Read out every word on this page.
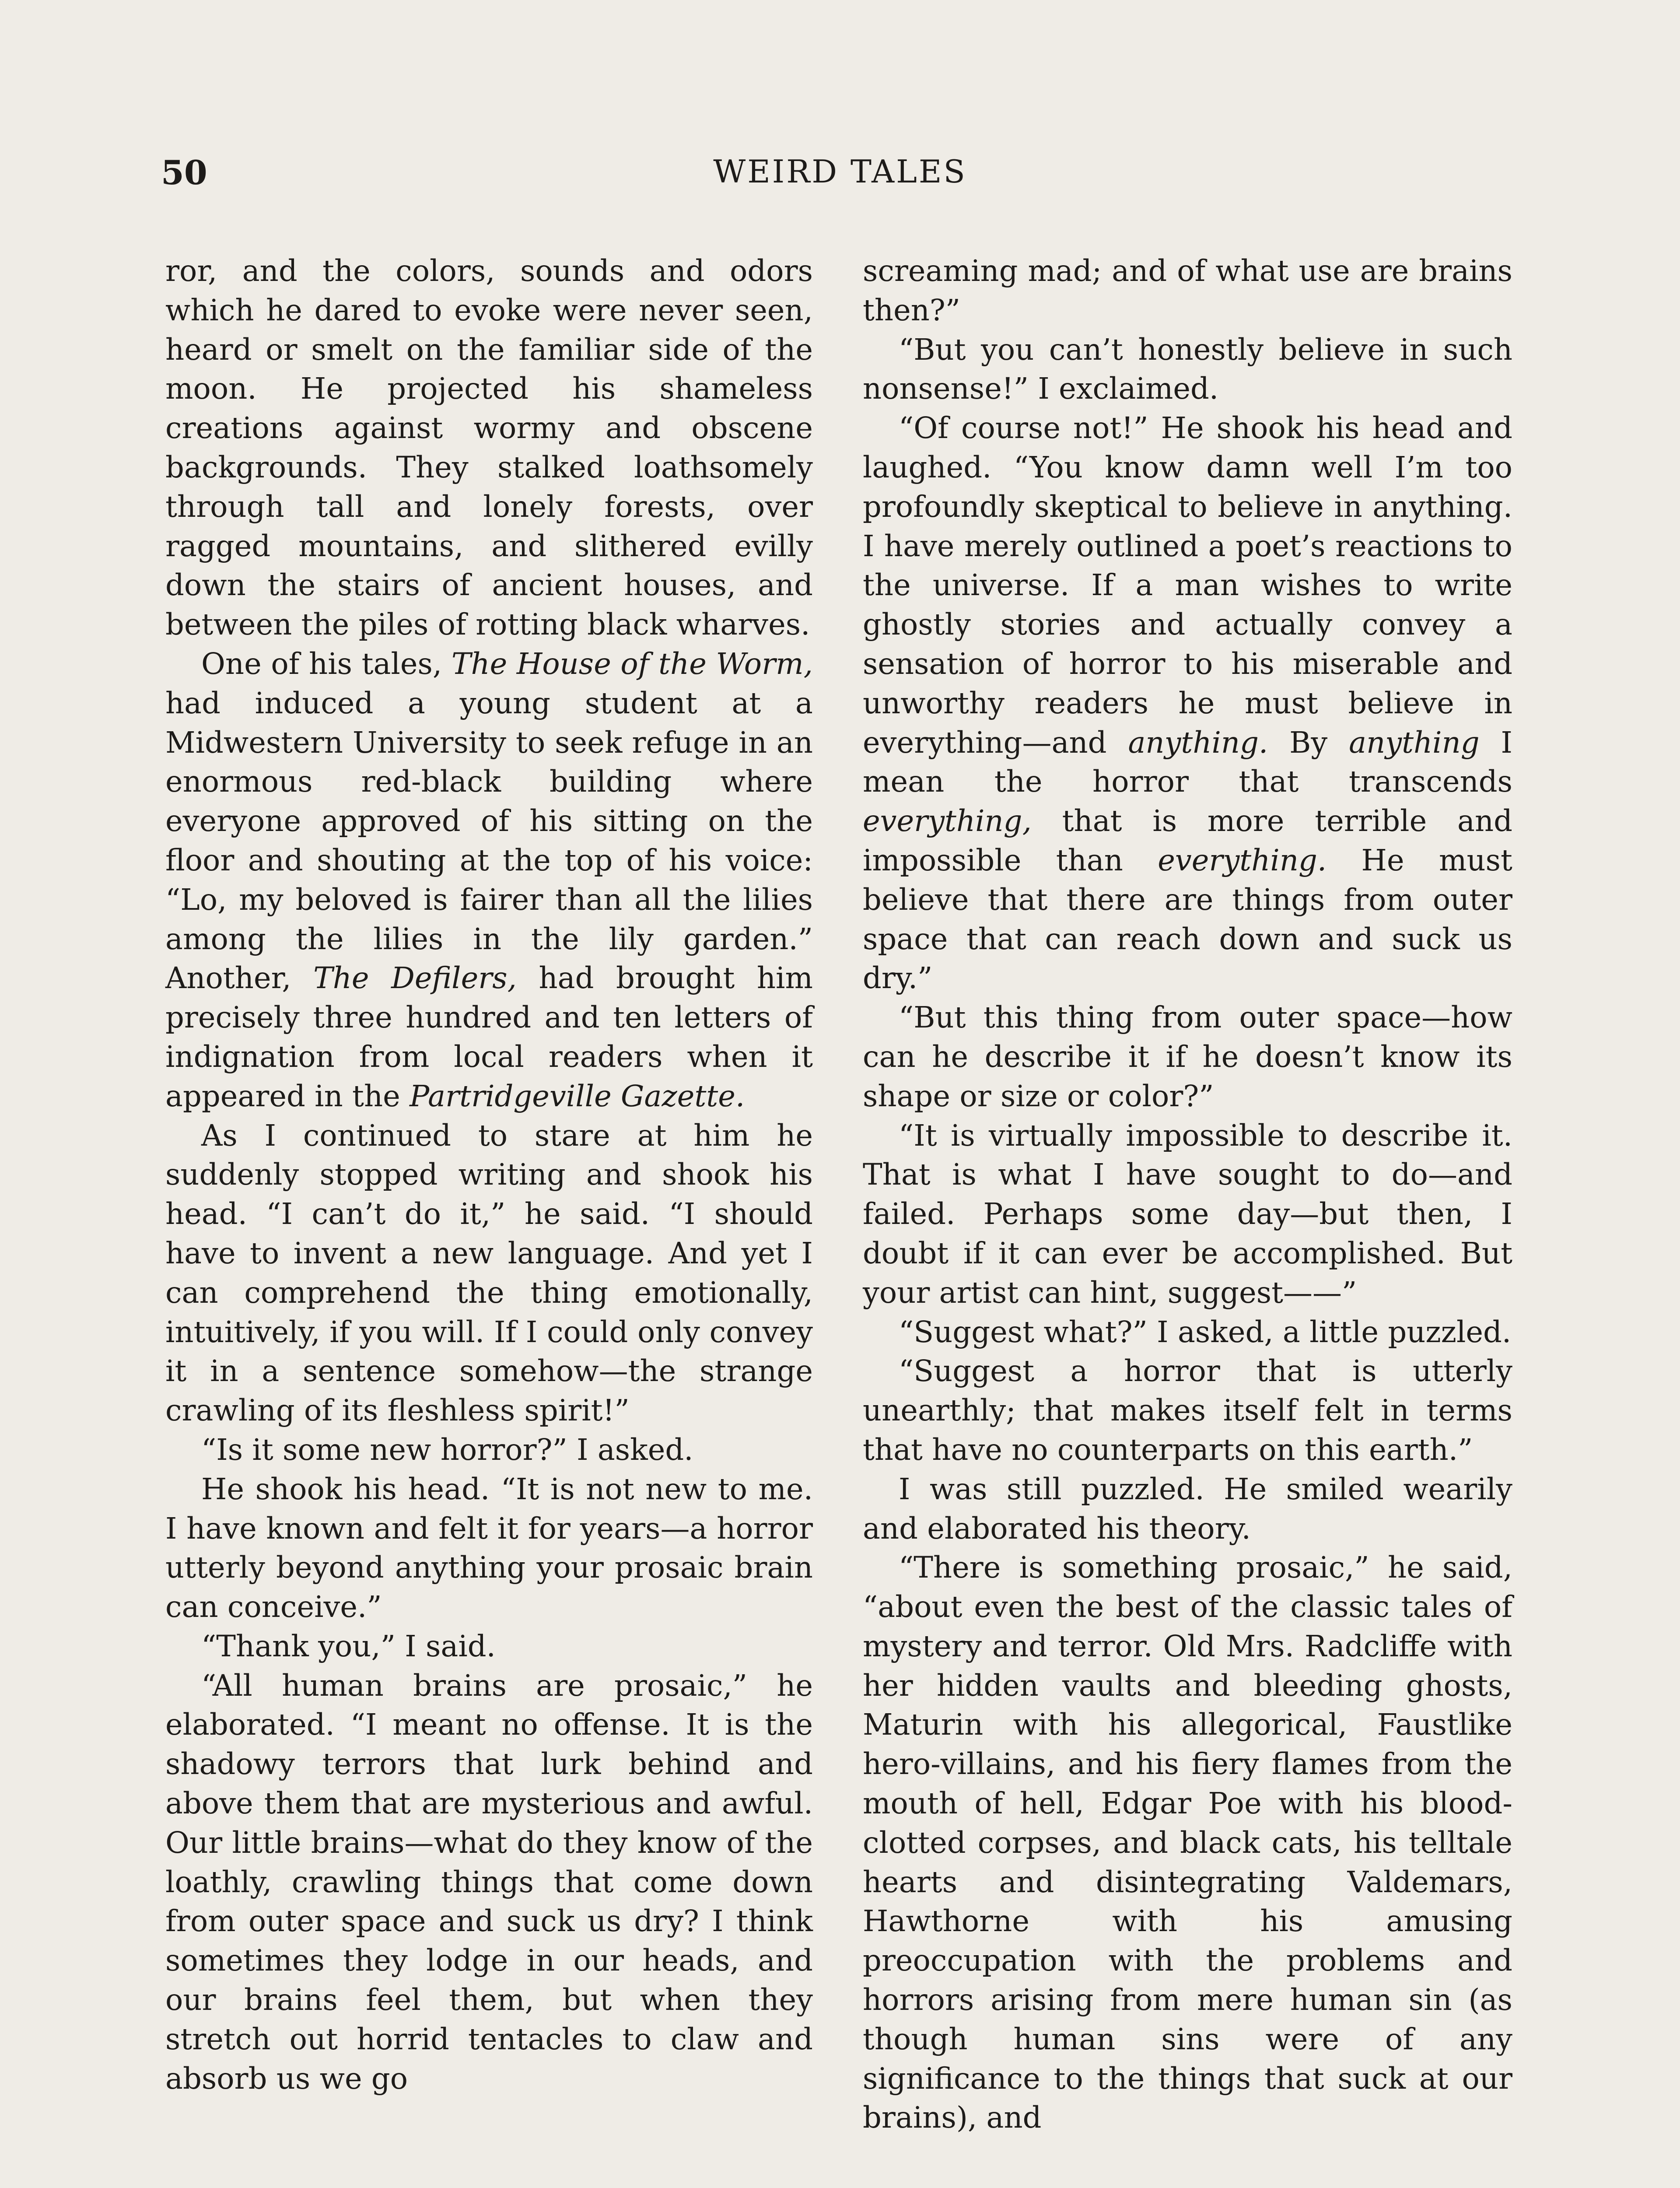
50	WEIRD TALES

ror, and the colors, sounds and odors which he dared to evoke were never seen, heard or smelt on the familiar side of the moon. He projected his shameless creations against wormy and obscene backgrounds. They stalked loathsomely through tall and lonely forests, over ragged mountains, and slithered evilly down the stairs of ancient houses, and between the piles of rotting black wharves.

One of his tales, The House of the Worm, had induced a young student at a Midwestern University to seek refuge in an enormous red-black building where everyone approved of his sitting on the floor and shouting at the top of his voice: “Lo, my beloved is fairer than all the lilies among the lilies in the lily garden.” Another, The Defilers, had brought him precisely three hundred and ten letters of indignation from local readers when it appeared in the Partridgeville Gazette.

As I continued to stare at him he suddenly stopped writing and shook his head. “I can’t do it,” he said. “I should have to invent a new language. And yet I can comprehend the thing emotionally, intuitively, if you will. If I could only convey it in a sentence somehow—the strange crawling of its fleshless spirit!”

“Is it some new horror?” I asked.

He shook his head. “It is not new to me. I have known and felt it for years—a horror utterly beyond anything your prosaic brain can conceive.”

“Thank you,” I said.

“All human brains are prosaic,” he elaborated. “I meant no offense. It is the shadowy terrors that lurk behind and above them that are mysterious and awful. Our little brains—what do they know of the loathly, crawling things that come down from outer space and suck us dry? I think sometimes they lodge in our heads, and our brains feel them, but when they stretch out horrid tentacles to claw and absorb us we go

screaming mad; and of what use are brains then?”

“But you can’t honestly believe in such nonsense!” I exclaimed.

“Of course not!” He shook his head and laughed. “You know damn well I’m too profoundly skeptical to believe in anything. I have merely outlined a poet’s reactions to the universe. If a man wishes to write ghostly stories and actually convey a sensation of horror to his miserable and unworthy readers he must believe in everything—and anything. By anything I mean the horror that transcends everything, that is more terrible and impossible than everything. He must believe that there are things from outer space that can reach down and suck us dry.”

“But this thing from outer space—how can he describe it if he doesn’t know its shape or size or color?”

“It is virtually impossible to describe it. That is what I have sought to do—and failed. Perhaps some day—but then, I doubt if it can ever be accomplished. But your artist can hint, suggest——”

“Suggest what?” I asked, a little puzzled.

“Suggest a horror that is utterly unearthly; that makes itself felt in terms that have no counterparts on this earth.”

I was still puzzled. He smiled wearily and elaborated his theory.

“There is something prosaic,” he said, “about even the best of the classic tales of mystery and terror. Old Mrs. Radcliffe with her hidden vaults and bleeding ghosts, Maturin with his allegorical, Faustlike hero-villains, and his fiery flames from the mouth of hell, Edgar Poe with his blood-clotted corpses, and black cats, his telltale hearts and disintegrating Valdemars, Hawthorne with his amusing preoccupation with the problems and horrors arising from mere human sin (as though human sins were of any significance to the things that suck at our brains), and
